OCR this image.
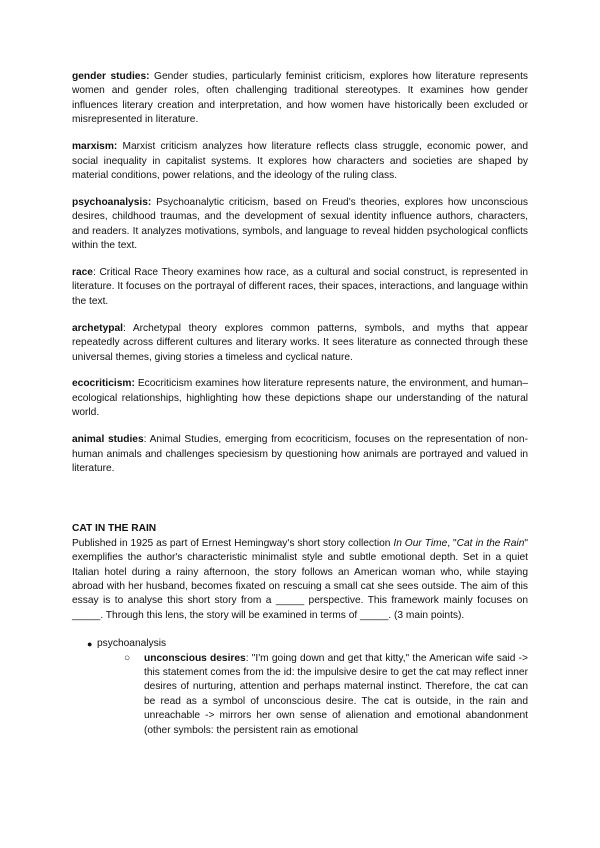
gender studies: Gender studies, particularly feminist criticism, explores how literature represents women and gender roles, often challenging traditional stereotypes. It examines how gender influences literary creation and interpretation, and how women have historically been excluded or misrepresented in literature.

marxism: Marxist criticism analyzes how literature reflects class struggle, economic power, and social inequality in capitalist systems. It explores how characters and societies are shaped by material conditions, power relations, and the ideology of the ruling class.

psychoanalysis: Psychoanalytic criticism, based on Freud's theories, explores how unconscious desires, childhood traumas, and the development of sexual identity influence authors, characters, and readers. It analyzes motivations, symbols, and language to reveal hidden psychological conflicts within the text.

race: Critical Race Theory examines how race, as a cultural and social construct, is represented in literature. It focuses on the portrayal of different races, their spaces, interactions, and language within the text.

archetypal: Archetypal theory explores common patterns, symbols, and myths that appear repeatedly across different cultures and literary works. It sees literature as connected through these universal themes, giving stories a timeless and cyclical nature.

ecocriticism: Ecocriticism examines how literature represents nature, the environment, and human–ecological relationships, highlighting how these depictions shape our understanding of the natural world.

animal studies: Animal Studies, emerging from ecocriticism, focuses on the representation of non-human animals and challenges speciesism by questioning how animals are portrayed and valued in literature.

CAT IN THE RAIN

Published in 1925 as part of Ernest Hemingway's short story collection In Our Time, "Cat in the Rain" exemplifies the author's characteristic minimalist style and subtle emotional depth. Set in a quiet Italian hotel during a rainy afternoon, the story follows an American woman who, while staying abroad with her husband, becomes fixated on rescuing a small cat she sees outside. The aim of this essay is to analyse this short story from a _____ perspective. This framework mainly focuses on _____. Through this lens, the story will be examined in terms of _____. (3 main points).

● psychoanalysis
○ unconscious desires: "I'm going down and get that kitty," the American wife said -> this statement comes from the id: the impulsive desire to get the cat may reflect inner desires of nurturing, attention and perhaps maternal instinct. Therefore, the cat can be read as a symbol of unconscious desire. The cat is outside, in the rain and unreachable -> mirrors her own sense of alienation and emotional abandonment (other symbols: the persistent rain as emotional
